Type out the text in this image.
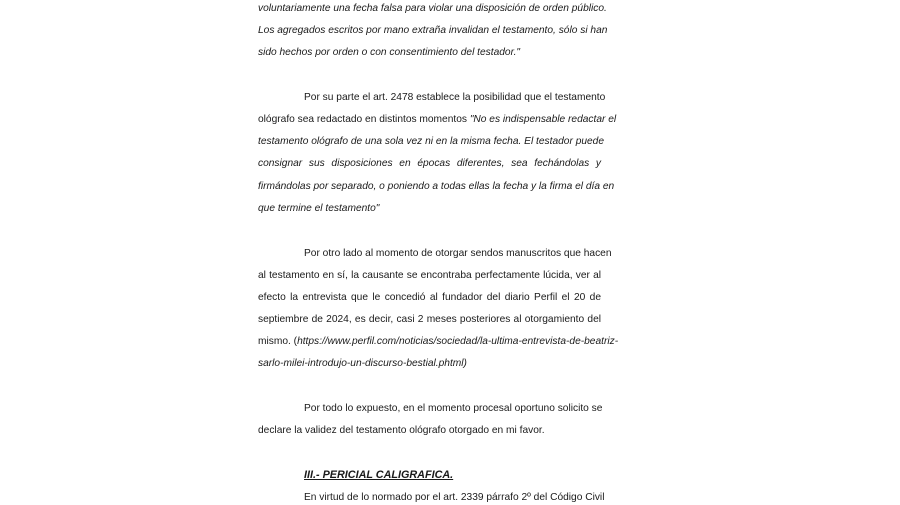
voluntariamente una fecha falsa para violar una disposición de orden público.
Los agregados escritos por mano extraña invalidan el testamento, sólo si han
sido hechos por orden o con consentimiento del testador."
Por su parte el art. 2478 establece la posibilidad que el testamento
ológrafo sea redactado en distintos momentos "No es indispensable redactar el
testamento ológrafo de una sola vez ni en la misma fecha. El testador puede
consignar sus disposiciones en épocas diferentes, sea fechándolas y
firmándolas por separado, o poniendo a todas ellas la fecha y la firma el día en
que termine el testamento"
Por otro lado al momento de otorgar sendos manuscritos que hacen
al testamento en sí, la causante se encontraba perfectamente lúcida, ver al
efecto la entrevista que le concedió al fundador del diario Perfil el 20 de
septiembre de 2024, es decir, casi 2 meses posteriores al otorgamiento del
mismo. (https://www.perfil.com/noticias/sociedad/la-ultima-entrevista-de-beatriz-
sarlo-milei-introdujo-un-discurso-bestial.phtml)
Por todo lo expuesto, en el momento procesal oportuno solicito se
declare la validez del testamento ológrafo otorgado en mi favor.
III.- PERICIAL CALIGRAFICA.
En virtud de lo normado por el art. 2339 párrafo 2º del Código Civil
